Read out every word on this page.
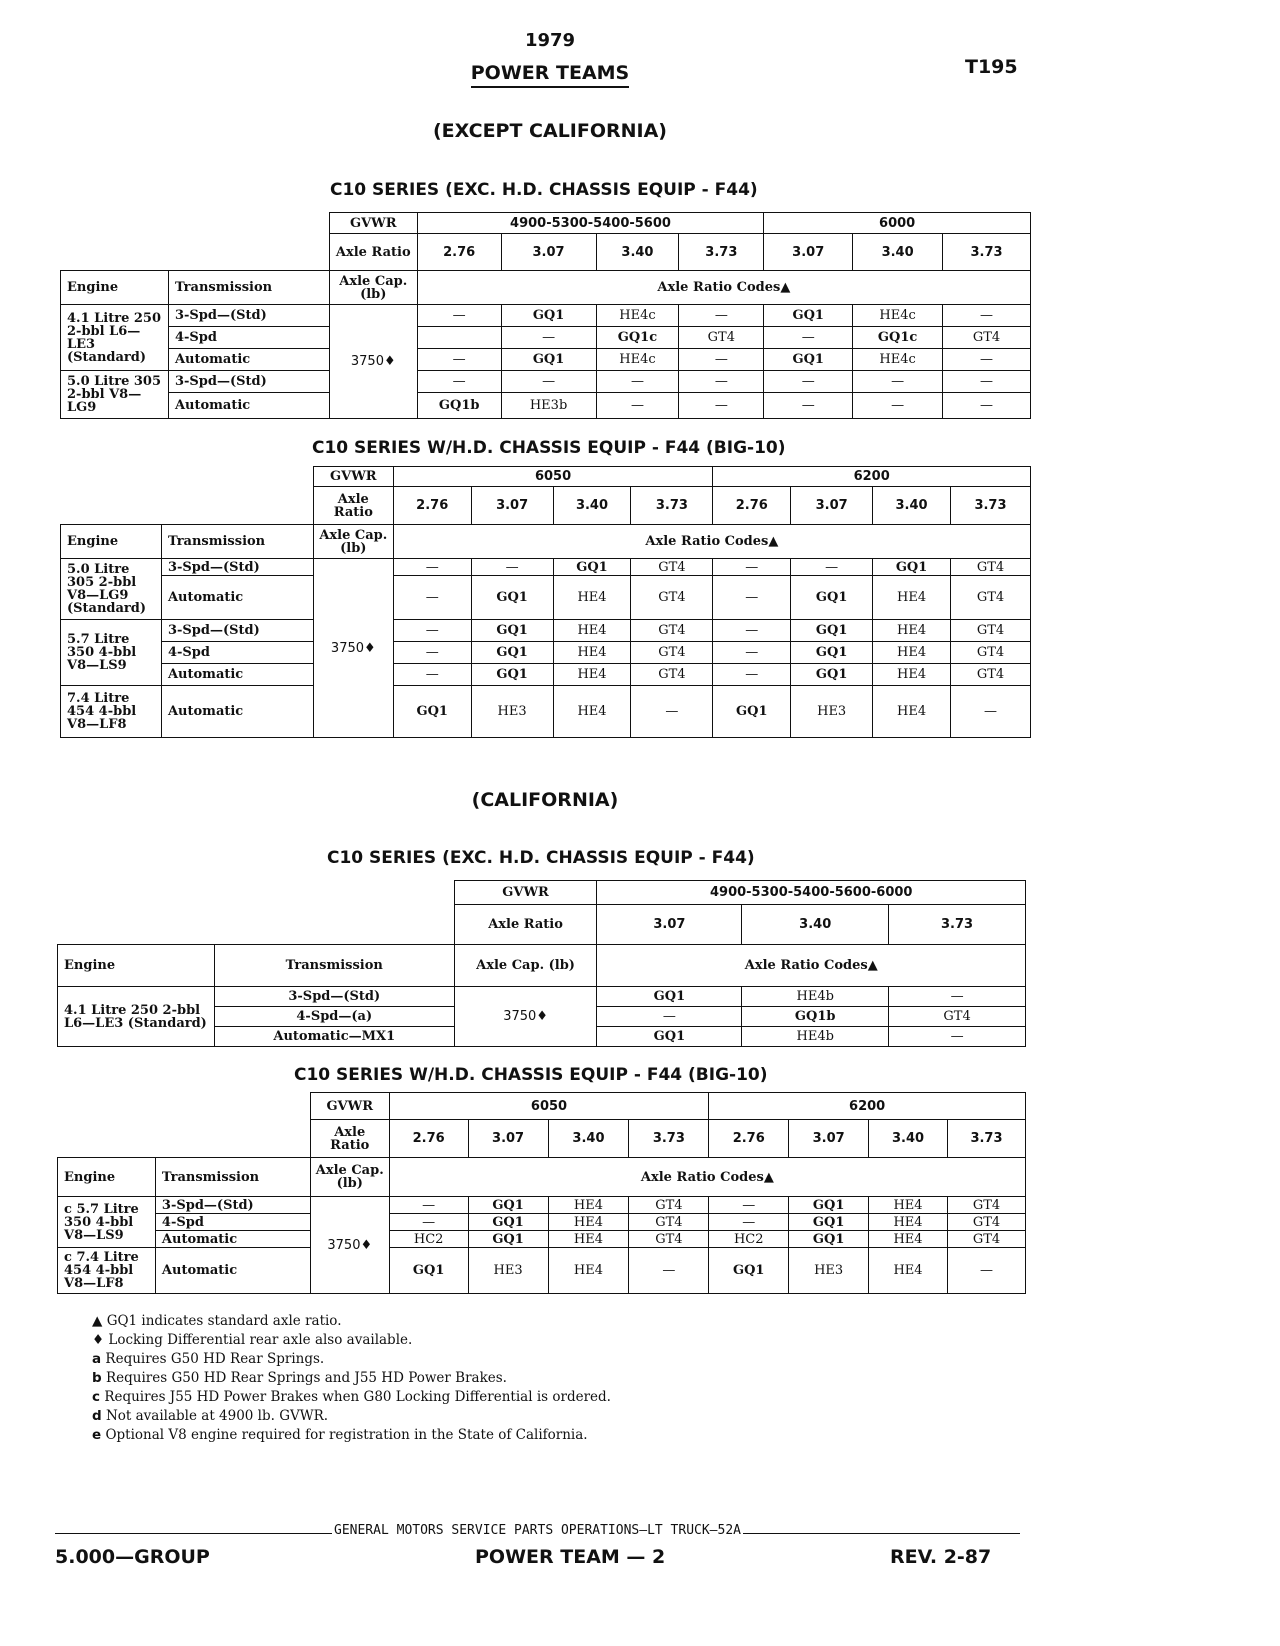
1979
POWER TEAMS	T195
(EXCEPT CALIFORNIA)
C10 SERIES (EXC. H.D. CHASSIS EQUIP - F44)
		GVWR	4900-5300-5400-5600				6000		
		Axle Ratio	2.76	3.07	3.40	3.73	3.07	3.40	3.73
Engine	Transmission	Axle Cap. (lb)	Axle Ratio Codes▲						
4.1 Litre 250 2-bbl L6—LE3 (Standard)	3-Spd—(Std)	3750♦	—	GQ1	HE4c	—	GQ1	HE4c	—
	4-Spd			—	GQ1c	GT4	—	GQ1c	GT4
	Automatic		—	GQ1	HE4c	—	GQ1	HE4c	—
5.0 Litre 305 2-bbl V8—LG9	3-Spd—(Std)		—	—	—	—	—	—	—
	Automatic		GQ1b	HE3b	—	—	—	—	—
C10 SERIES W/H.D. CHASSIS EQUIP - F44 (BIG-10)
		GVWR	6050				6200			
		Axle Ratio	2.76	3.07	3.40	3.73	2.76	3.07	3.40	3.73
Engine	Transmission	Axle Cap. (lb)	Axle Ratio Codes▲							
5.0 Litre 305 2-bbl V8—LG9 (Standard)	3-Spd—(Std)	3750♦	—	—	GQ1	GT4	—	—	GQ1	GT4
	Automatic		—	GQ1	HE4	GT4	—	GQ1	HE4	GT4
5.7 Litre 350 4-bbl V8—LS9	3-Spd—(Std)		—	GQ1	HE4	GT4	—	GQ1	HE4	GT4
	4-Spd		—	GQ1	HE4	GT4	—	GQ1	HE4	GT4
	Automatic		—	GQ1	HE4	GT4	—	GQ1	HE4	GT4
7.4 Litre 454 4-bbl V8—LF8	Automatic		GQ1	HE3	HE4	—	GQ1	HE3	HE4	—
(CALIFORNIA)
C10 SERIES (EXC. H.D. CHASSIS EQUIP - F44)
		GVWR	4900-5300-5400-5600-6000		
		Axle Ratio	3.07	3.40	3.73
Engine	Transmission	Axle Cap. (lb)	Axle Ratio Codes▲		
4.1 Litre 250 2-bbl L6—LE3 (Standard)	3-Spd—(Std)	3750♦	GQ1	HE4b	—
	4-Spd—(a)		—	GQ1b	GT4
	Automatic—MX1		GQ1	HE4b	—
C10 SERIES W/H.D. CHASSIS EQUIP - F44 (BIG-10)
		GVWR	6050				6200			
		Axle Ratio	2.76	3.07	3.40	3.73	2.76	3.07	3.40	3.73
Engine	Transmission	Axle Cap. (lb)	Axle Ratio Codes▲							
c 5.7 Litre 350 4-bbl V8—LS9	3-Spd—(Std)	3750♦	—	GQ1	HE4	GT4	—	GQ1	HE4	GT4
	4-Spd		—	GQ1	HE4	GT4	—	GQ1	HE4	GT4
	Automatic		HC2	GQ1	HE4	GT4	HC2	GQ1	HE4	GT4
c 7.4 Litre 454 4-bbl V8—LF8	Automatic		GQ1	HE3	HE4	—	GQ1	HE3	HE4	—
▲ GQ1 indicates standard axle ratio.
♦ Locking Differential rear axle also available.
a Requires G50 HD Rear Springs.
b Requires G50 HD Rear Springs and J55 HD Power Brakes.
c Requires J55 HD Power Brakes when G80 Locking Differential is ordered.
d Not available at 4900 lb. GVWR.
e Optional V8 engine required for registration in the State of California.
GENERAL MOTORS SERVICE PARTS OPERATIONS—LT TRUCK—52A
5.000—GROUP	POWER TEAM — 2	REV. 2-87
